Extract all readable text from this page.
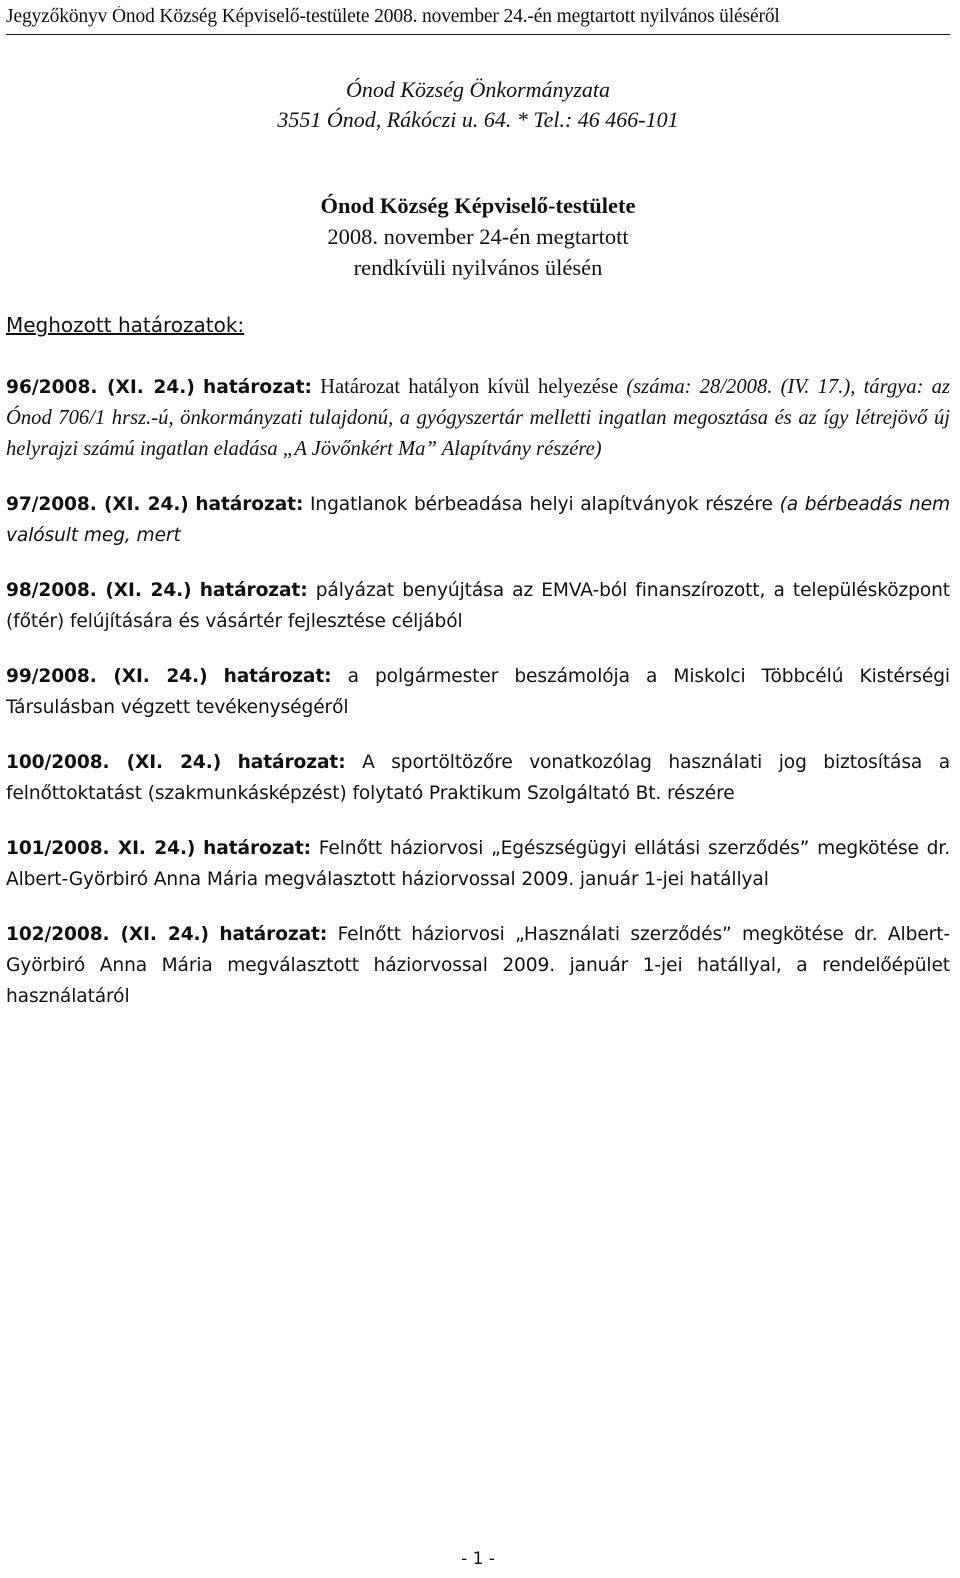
Jegyzőkönyv Ónod Község Képviselő-testülete 2008. november 24.-én megtartott nyilvános üléséről
Ónod Község Önkormányzata
3551 Ónod, Rákóczi u. 64. * Tel.: 46 466-101
Ónod Község Képviselő-testülete
2008. november 24-én megtartott
rendkívüli nyilvános ülésén
Meghozott határozatok:

96/2008. (XI. 24.) határozat: Határozat hatályon kívül helyezése (száma: 28/2008. (IV. 17.), tárgya: az Ónod 706/1 hrsz.-ú, önkormányzati tulajdonú, a gyógyszertár melletti ingatlan megosztása és az így létrejövő új helyrajzi számú ingatlan eladása „A Jövőnkért Ma” Alapítvány részére)

97/2008. (XI. 24.) határozat: Ingatlanok bérbeadása helyi alapítványok részére (a bérbeadás nem valósult meg, mert

98/2008. (XI. 24.) határozat: pályázat benyújtása az EMVA-ból finanszírozott, a településközpont (főtér) felújítására és vásártér fejlesztése céljából

99/2008. (XI. 24.) határozat: a polgármester beszámolója a Miskolci Többcélú Kistérségi Társulásban végzett tevékenységéről

100/2008. (XI. 24.) határozat: A sportöltözőre vonatkozólag használati jog biztosítása a felnőttoktatást (szakmunkásképzést) folytató Praktikum Szolgáltató Bt. részére

101/2008. XI. 24.) határozat: Felnőtt háziorvosi „Egészségügyi ellátási szerződés” megkötése dr. Albert-Györbiró Anna Mária megválasztott háziorvossal 2009. január 1-jei hatállyal

102/2008. (XI. 24.) határozat: Felnőtt háziorvosi „Használati szerződés” megkötése dr. Albert-Györbiró Anna Mária megválasztott háziorvossal 2009. január 1-jei hatállyal, a rendelőépület használatáról

- 1 -
